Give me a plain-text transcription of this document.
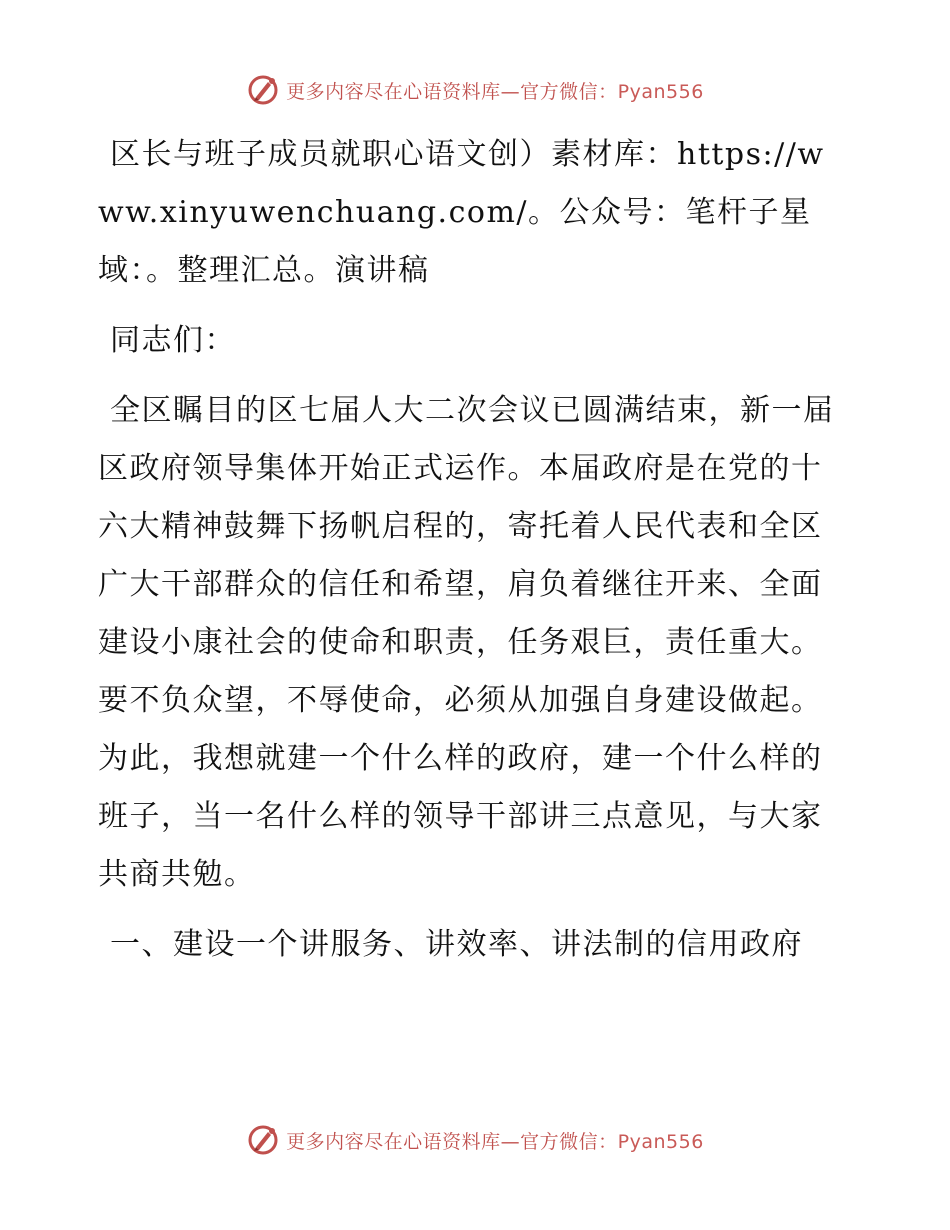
更多内容尽在心语资料库—官方微信：Pyan556

区长与班子成员就职心语文创）素材库：https://www.xinyuwenchuang.com/。公众号：笔杆子星域：。整理汇总。演讲稿

同志们：

全区瞩目的区七届人大二次会议已圆满结束，新一届区政府领导集体开始正式运作。本届政府是在党的十六大精神鼓舞下扬帆启程的，寄托着人民代表和全区广大干部群众的信任和希望，肩负着继往开来、全面建设小康社会的使命和职责，任务艰巨，责任重大。要不负众望，不辱使命，必须从加强自身建设做起。为此，我想就建一个什么样的政府，建一个什么样的班子，当一名什么样的领导干部讲三点意见，与大家共商共勉。

一、建设一个讲服务、讲效率、讲法制的信用政府

更多内容尽在心语资料库—官方微信：Pyan556
